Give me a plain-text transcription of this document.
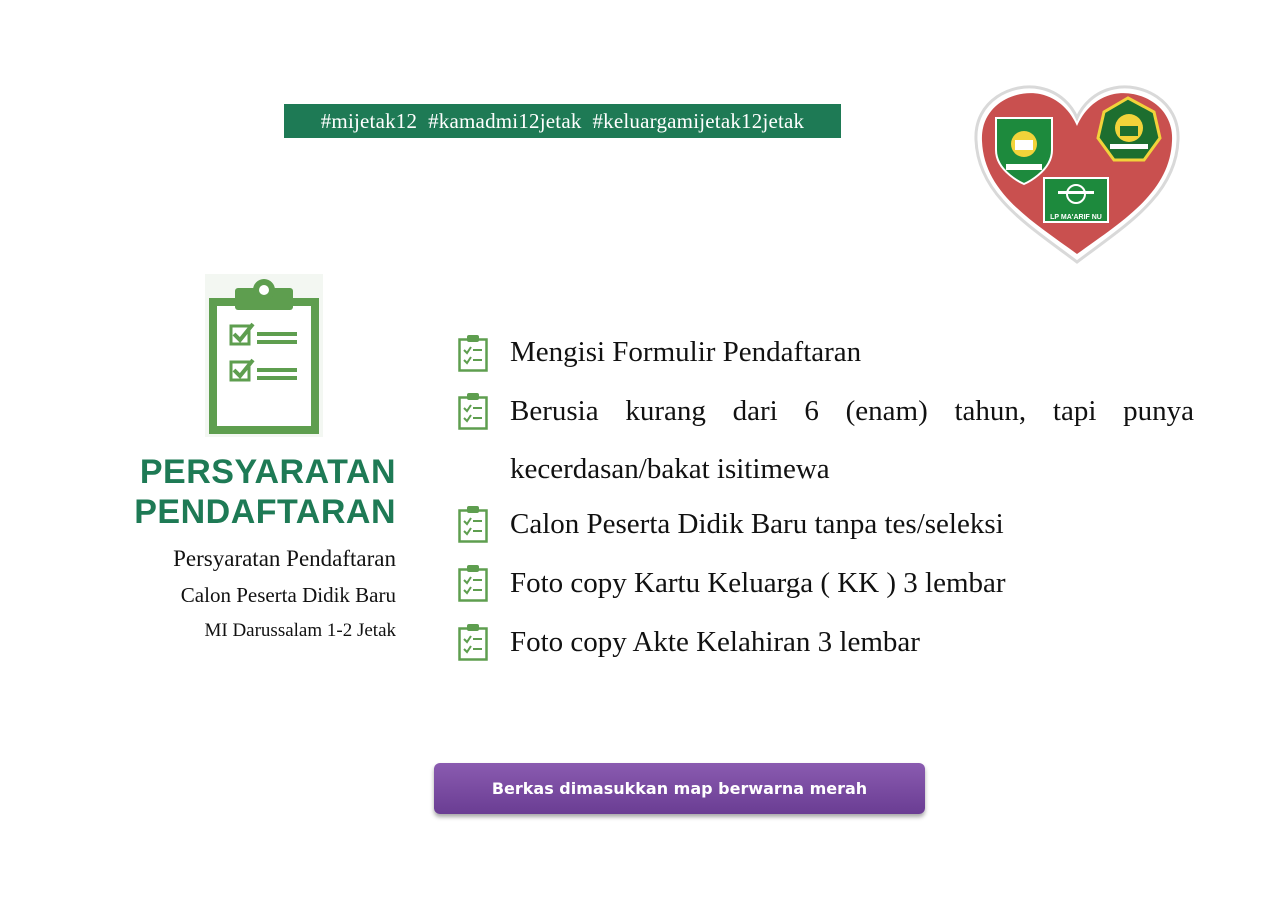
#mijetak12  #kamadmi12jetak  #keluargamijetak12jetak
LP MA'ARIF NU
PERSYARATAN
PENDAFTARAN
Persyaratan Pendaftaran
Calon Peserta Didik Baru
MI Darussalam 1-2 Jetak
Mengisi Formulir Pendaftaran
Berusia kurang dari 6 (enam) tahun, tapi punya kecerdasan/bakat isitimewa
Calon Peserta Didik Baru tanpa tes/seleksi
Foto copy Kartu Keluarga ( KK ) 3 lembar
Foto copy Akte Kelahiran 3 lembar
Berkas dimasukkan map berwarna merah
